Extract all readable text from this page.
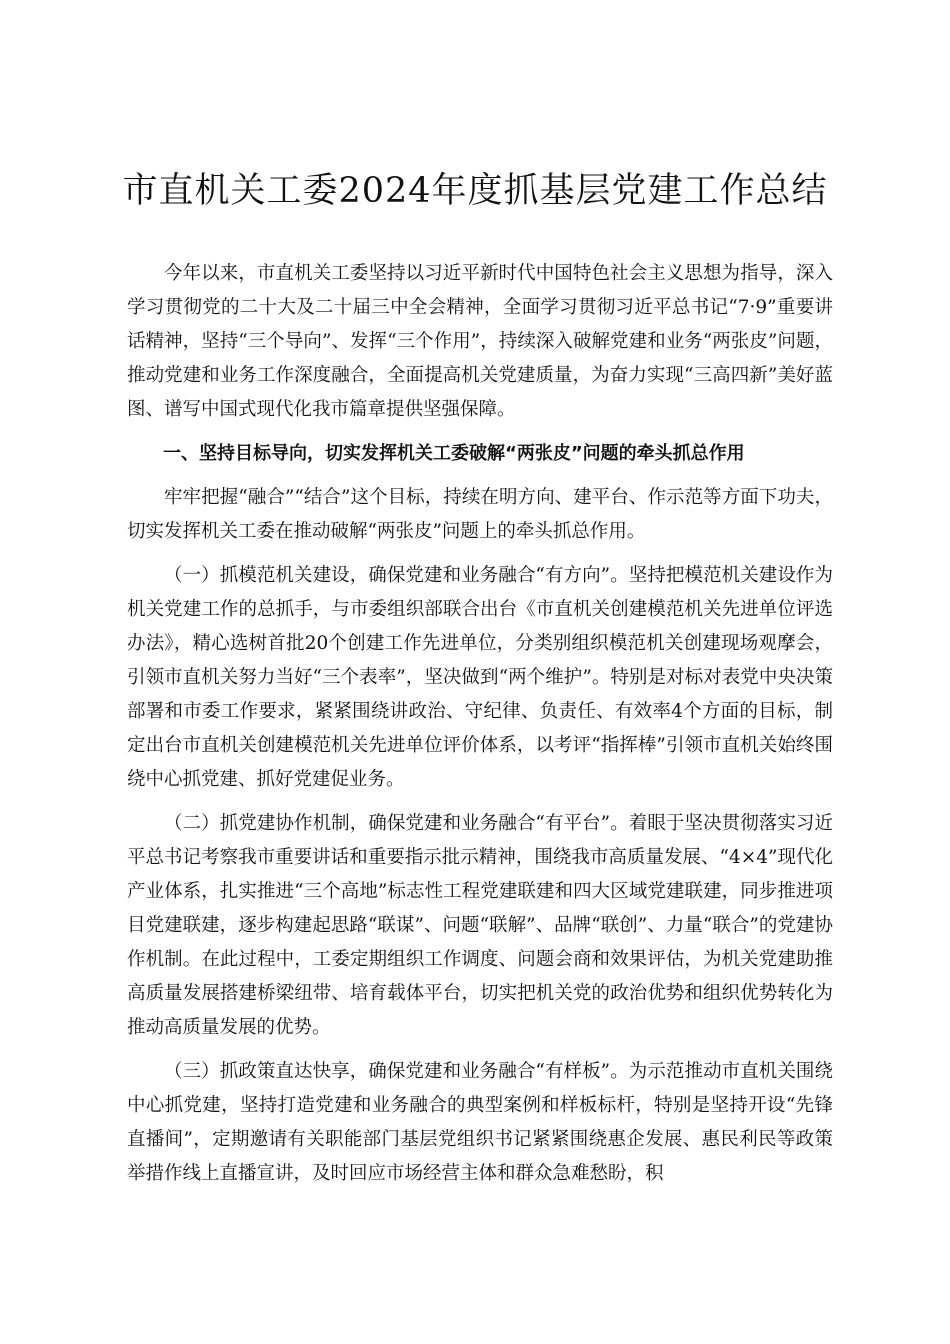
市直机关工委2024年度抓基层党建工作总结

今年以来，市直机关工委坚持以习近平新时代中国特色社会主义思想为指导，深入学习贯彻党的二十大及二十届三中全会精神，全面学习贯彻习近平总书记“7·9”重要讲话精神，坚持“三个导向”、发挥“三个作用”，持续深入破解党建和业务“两张皮”问题，推动党建和业务工作深度融合，全面提高机关党建质量，为奋力实现“三高四新”美好蓝图、谱写中国式现代化我市篇章提供坚强保障。

一、坚持目标导向，切实发挥机关工委破解“两张皮”问题的牵头抓总作用

牢牢把握“融合”“结合”这个目标，持续在明方向、建平台、作示范等方面下功夫，切实发挥机关工委在推动破解“两张皮”问题上的牵头抓总作用。

（一）抓模范机关建设，确保党建和业务融合“有方向”。坚持把模范机关建设作为机关党建工作的总抓手，与市委组织部联合出台《市直机关创建模范机关先进单位评选办法》，精心选树首批20个创建工作先进单位，分类别组织模范机关创建现场观摩会，引领市直机关努力当好“三个表率”，坚决做到“两个维护”。特别是对标对表党中央决策部署和市委工作要求，紧紧围绕讲政治、守纪律、负责任、有效率4个方面的目标，制定出台市直机关创建模范机关先进单位评价体系，以考评“指挥棒”引领市直机关始终围绕中心抓党建、抓好党建促业务。

（二）抓党建协作机制，确保党建和业务融合“有平台”。着眼于坚决贯彻落实习近平总书记考察我市重要讲话和重要指示批示精神，围绕我市高质量发展、“4×4”现代化产业体系，扎实推进“三个高地”标志性工程党建联建和四大区域党建联建，同步推进项目党建联建，逐步构建起思路“联谋”、问题“联解”、品牌“联创”、力量“联合”的党建协作机制。在此过程中，工委定期组织工作调度、问题会商和效果评估，为机关党建助推高质量发展搭建桥梁纽带、培育载体平台，切实把机关党的政治优势和组织优势转化为推动高质量发展的优势。

（三）抓政策直达快享，确保党建和业务融合“有样板”。为示范推动市直机关围绕中心抓党建，坚持打造党建和业务融合的典型案例和样板标杆，特别是坚持开设“先锋直播间”，定期邀请有关职能部门基层党组织书记紧紧围绕惠企发展、惠民利民等政策举措作线上直播宣讲，及时回应市场经营主体和群众急难愁盼，积
